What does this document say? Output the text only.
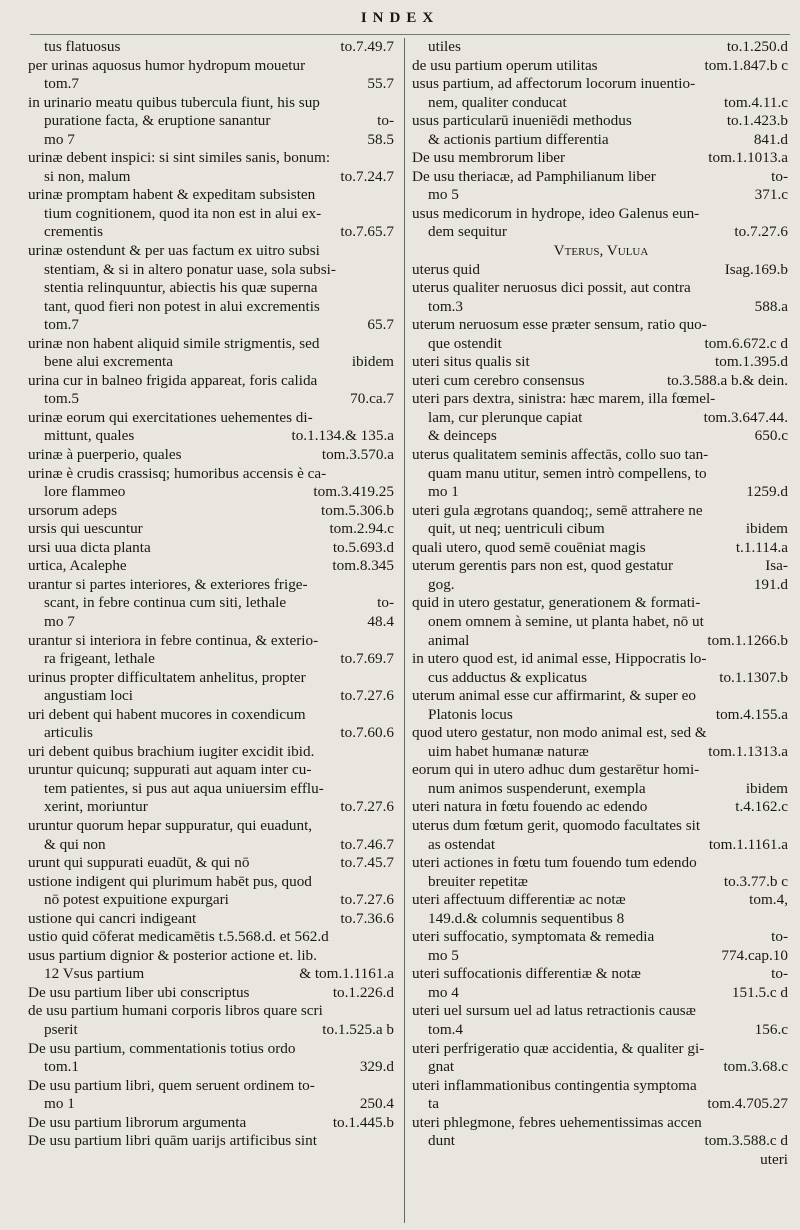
INDEX
to.7.49.7
tus flatuosus
per urinas aquosus humor hydropum mouetur
55.7
tom.7
in urinario meatu quibus tubercula fiunt, his sup
to-
puratione facta, & eruptione sanantur
58.5
mo 7
urinæ debent inspici: si sint similes sanis, bonum:
to.7.24.7
si non, malum
urinæ promptam habent & expeditam subsisten
tium cognitionem, quod ita non est in alui ex-
to.7.65.7
crementis
urinæ ostendunt & per uas factum ex uitro subsi
stentiam, & si in altero ponatur uase, sola subsi-
stentia relinquuntur, abiectis his quæ superna
tant, quod fieri non potest in alui excrementis
65.7
tom.7
urinæ non habent aliquid simile strigmentis, sed
ibidem
bene alui excrementa
urina cur in balneo frigida appareat, foris calida
70.ca.7
tom.5
urinæ eorum qui exercitationes uehementes di-
to.1.134.& 135.a
mittunt, quales
tom.3.570.a
urinæ à puerperio, quales
urinæ è crudis crassisq; humoribus accensis è ca-
tom.3.419.25
lore flammeo
tom.5.306.b
ursorum adeps
tom.2.94.c
ursis qui uescuntur
to.5.693.d
ursi uua dicta planta
tom.8.345
urtica, Acalephe
urantur si partes interiores, & exteriores frige-
to-
scant, in febre continua cum siti, lethale
48.4
mo 7
urantur si interiora in febre continua, & exterio-
to.7.69.7
ra frigeant, lethale
urinus propter difficultatem anhelitus, propter
to.7.27.6
angustiam loci
uri debent qui habent mucores in coxendicum
to.7.60.6
articulis
uri debent quibus brachium iugiter excidit ibid.
uruntur quicunq; suppurati aut aquam inter cu-
tem patientes, si pus aut aqua uniuersim efflu-
to.7.27.6
xerint, moriuntur
uruntur quorum hepar suppuratur, qui euadunt,
to.7.46.7
& qui non
to.7.45.7
urunt qui suppurati euadūt, & qui nō
ustione indigent qui plurimum habēt pus, quod
to.7.27.6
nō potest expuitione expurgari
to.7.36.6
ustione qui cancri indigeant
ustio quid cōferat medicamētis t.5.568.d. et 562.d
usus partium dignior & posterior actione et. lib.
& tom.1.1161.a
12 Vsus partium
to.1.226.d
De usu partium liber ubi conscriptus
de usu partium humani corporis libros quare scri
to.1.525.a b
pserit
De usu partium, commentationis totius ordo
329.d
tom.1
De usu partium libri, quem seruent ordinem to-
250.4
mo 1
to.1.445.b
De usu partium librorum argumenta
De usu partium libri quām uarijs artificibus sint
to.1.250.d
utiles
tom.1.847.b c
de usu partium operum utilitas
usus partium, ad affectorum locorum inuentio-
tom.4.11.c
nem, qualiter conducat
to.1.423.b
usus particularū inueniēdi methodus
841.d
& actionis partium differentia
tom.1.1013.a
De usu membrorum liber
to-
De usu theriacæ, ad Pamphilianum liber
371.c
mo 5
usus medicorum in hydrope, ideo Galenus eun-
to.7.27.6
dem sequitur
Vterus, Vulua
Isag.169.b
uterus quid
uterus qualiter neruosus dici possit, aut contra
588.a
tom.3
uterum neruosum esse præter sensum, ratio quo-
tom.6.672.c d
que ostendit
tom.1.395.d
uteri situs qualis sit
to.3.588.a b.& dein.
uteri cum cerebro consensus
uteri pars dextra, sinistra: hæc marem, illa fœmel-
tom.3.647.44.
lam, cur plerunque capiat
650.c
& deinceps
uterus qualitatem seminis affectās, collo suo tan-
quam manu utitur, semen intrò compellens, to
1259.d
mo 1
uteri gula ægrotans quandoq;, semē attrahere ne
ibidem
quit, ut neq; uentriculi cibum
t.1.114.a
quali utero, quod semē couēniat magis
Isa-
uterum gerentis pars non est, quod gestatur
191.d
gog.
quid in utero gestatur, generationem & formati-
onem omnem à semine, ut planta habet, nō ut
tom.1.1266.b
animal
in utero quod est, id animal esse, Hippocratis lo-
to.1.1307.b
cus adductus & explicatus
uterum animal esse cur affirmarint, & super eo
tom.4.155.a
Platonis locus
quod utero gestatur, non modo animal est, sed &
tom.1.1313.a
uim habet humanæ naturæ
eorum qui in utero adhuc dum gestarētur homi-
ibidem
num animos suspenderunt, exempla
t.4.162.c
uteri natura in fœtu fouendo ac edendo
uterus dum fœtum gerit, quomodo facultates sit
tom.1.1161.a
as ostendat
uteri actiones in fœtu tum fouendo tum edendo
to.3.77.b c
breuiter repetitæ
tom.4,
uteri affectuum differentiæ ac notæ
149.d.& columnis sequentibus 8
to-
uteri suffocatio, symptomata & remedia
774.cap.10
mo 5
to-
uteri suffocationis differentiæ & notæ
151.5.c d
mo 4
uteri uel sursum uel ad latus retractionis causæ
156.c
tom.4
uteri perfrigeratio quæ accidentia, & qualiter gi-
tom.3.68.c
gnat
uteri inflammationibus contingentia symptoma
tom.4.705.27
ta
uteri phlegmone, febres uehementissimas accen
tom.3.588.c d
dunt
uteri
